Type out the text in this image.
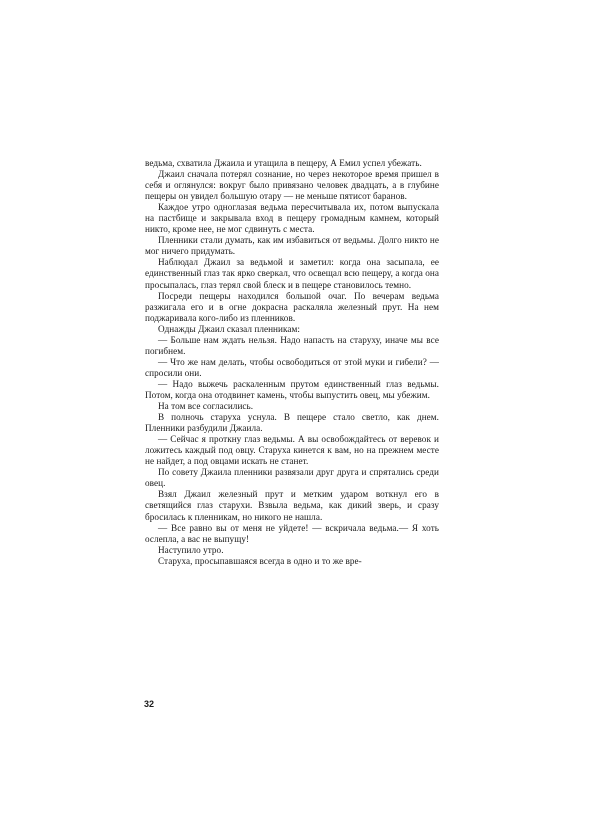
ведьма, схватила Джаила и утащила в пещеру, А Емил успел убежать.

Джаил сначала потерял сознание, но через некоторое время пришел в себя и оглянулся: вокруг было привязано человек двадцать, а в глубине пещеры он увидел большую отару — не меньше пятисот баранов.

Каждое утро одноглазая ведьма пересчитывала их, потом выпускала на пастбище и закрывала вход в пещеру громадным камнем, который никто, кроме нее, не мог сдвинуть с места.

Пленники стали думать, как им избавиться от ведьмы. Долго никто не мог ничего придумать.

Наблюдал Джаил за ведьмой и заметил: когда она засыпала, ее единственный глаз так ярко сверкал, что освещал всю пещеру, а когда она просыпалась, глаз терял свой блеск и в пещере становилось темно.

Посреди пещеры находился большой очаг. По вечерам ведьма разжигала его и в огне докрасна раскаляла железный прут. На нем поджаривала кого-либо из пленников.

Однажды Джаил сказал пленникам:

— Больше нам ждать нельзя. Надо напасть на старуху, иначе мы все погибнем.

— Что же нам делать, чтобы освободиться от этой муки и гибели? — спросили они.

— Надо выжечь раскаленным прутом единственный глаз ведьмы. Потом, когда она отодвинет камень, чтобы выпустить овец, мы убежим.

На том все согласились.

В полночь старуха уснула. В пещере стало светло, как днем. Пленники разбудили Джаила.

— Сейчас я проткну глаз ведьмы. А вы освобождайтесь от веревок и ложитесь каждый под овцу. Старуха кинется к вам, но на прежнем месте не найдет, а под овцами искать не станет.

По совету Джаила пленники развязали друг друга и спрятались среди овец.

Взял Джаил железный прут и метким ударом воткнул его в светящийся глаз старухи. Взвыла ведьма, как дикий зверь, и сразу бросилась к пленникам, но никого не нашла.

— Все равно вы от меня не уйдете! — вскричала ведьма.— Я хоть ослепла, а вас не выпущу!

Наступило утро.

Старуха, просыпавшаяся всегда в одно и то же вре-

32
